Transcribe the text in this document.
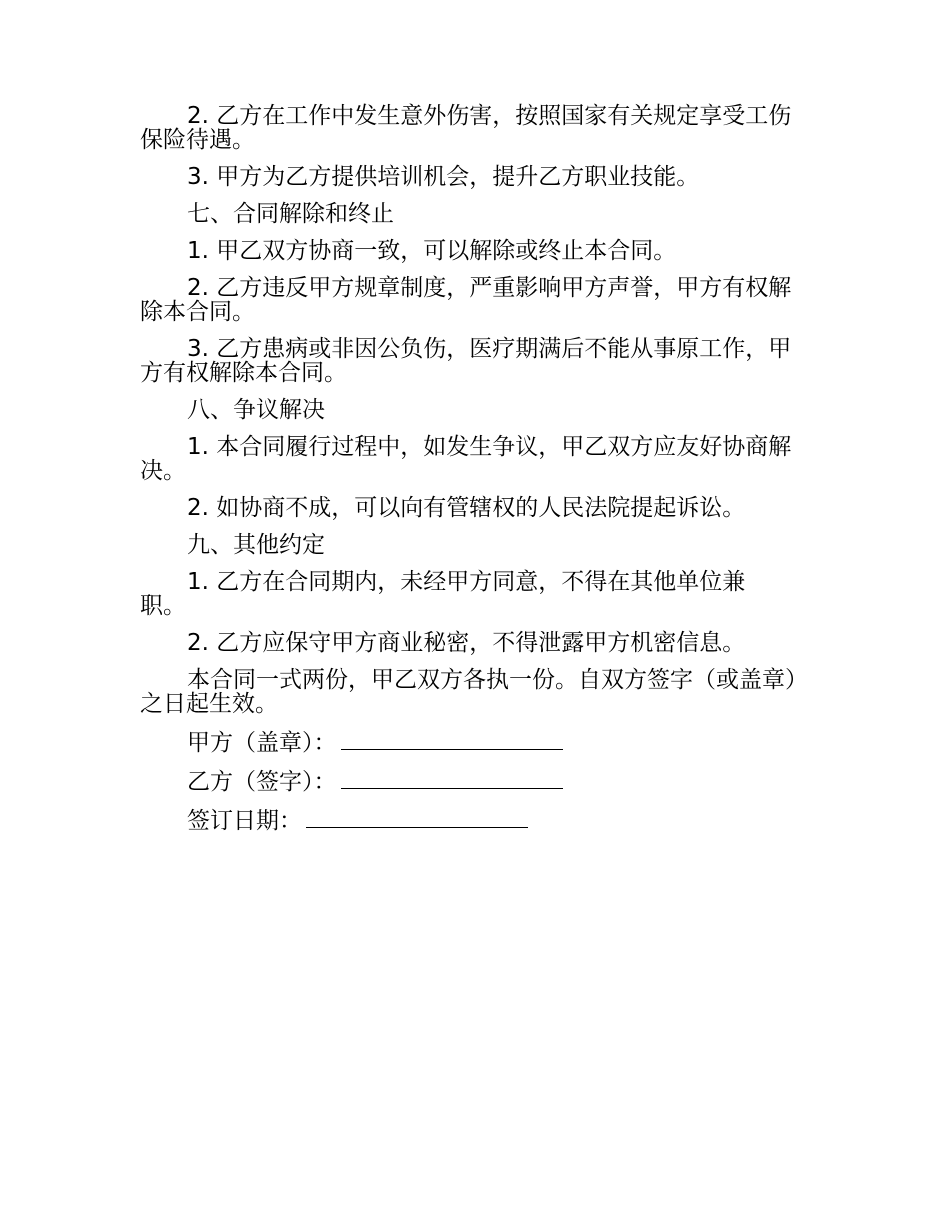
2. 乙方在工作中发生意外伤害，按照国家有关规定享受工伤保险待遇。

3. 甲方为乙方提供培训机会，提升乙方职业技能。

七、合同解除和终止

1. 甲乙双方协商一致，可以解除或终止本合同。

2. 乙方违反甲方规章制度，严重影响甲方声誉，甲方有权解除本合同。

3. 乙方患病或非因公负伤，医疗期满后不能从事原工作，甲方有权解除本合同。

八、争议解决

1. 本合同履行过程中，如发生争议，甲乙双方应友好协商解决。

2. 如协商不成，可以向有管辖权的人民法院提起诉讼。

九、其他约定

1. 乙方在合同期内，未经甲方同意，不得在其他单位兼职。

2. 乙方应保守甲方商业秘密，不得泄露甲方机密信息。

本合同一式两份，甲乙双方各执一份。自双方签字（或盖章）之日起生效。

甲方（盖章）：
乙方（签字）：
签订日期：
